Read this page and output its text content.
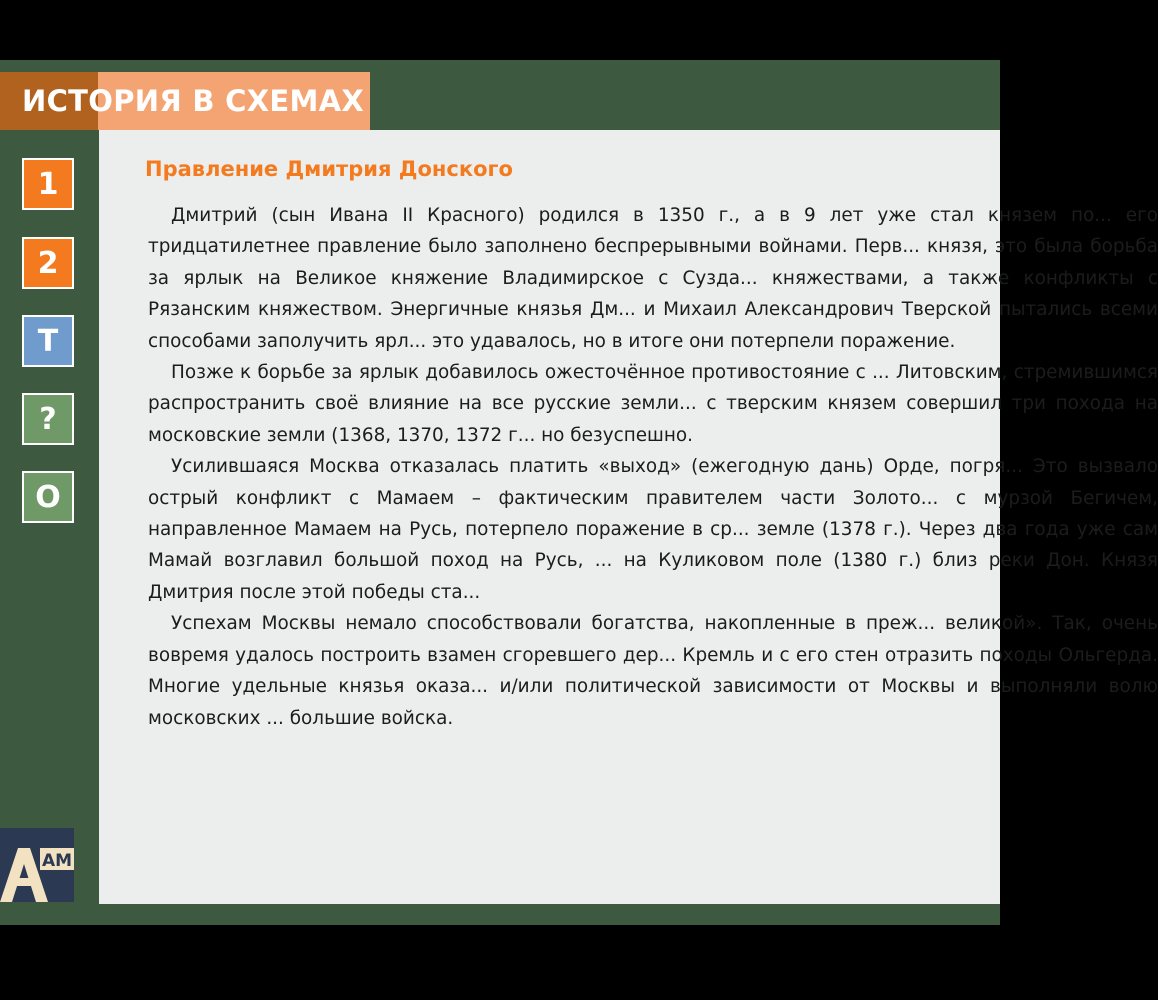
ИСТОРИЯ В СХЕМАХ
1
2
Т
?
О
АМ
Правление Дмитрия Донского

Дмитрий (сын Ивана II Красного) родился в 1350 г., а в 9 лет уже стал князем по... его тридцатилетнее правление было заполнено беспрерывными войнами. Перв... князя, это была борьба за ярлык на Великое княжение Владимирское с Сузда... княжествами, а также конфликты с Рязанским княжеством. Энергичные князья Дм... и Михаил Александрович Тверской пытались всеми способами заполучить ярл... это удавалось, но в итоге они потерпели поражение.

Позже к борьбе за ярлык добавилось ожесточённое противостояние с ... Литовским, стремившимся распространить своё влияние на все русские земли... с тверским князем совершил три похода на московские земли (1368, 1370, 1372 г... но безуспешно.

Усилившаяся Москва отказалась платить «выход» (ежегодную дань) Орде, погря... Это вызвало острый конфликт с Мамаем – фактическим правителем части Золото... с мурзой Бегичем, направленное Мамаем на Русь, потерпело поражение в ср... земле (1378 г.). Через два года уже сам Мамай возглавил большой поход на Русь, ... на Куликовом поле (1380 г.) близ реки Дон. Князя Дмитрия после этой победы ста...

Успехам Москвы немало способствовали богатства, накопленные в преж... великой». Так, очень вовремя удалось построить взамен сгоревшего дер... Кремль и с его стен отразить походы Ольгерда. Многие удельные князья оказа... и/или политической зависимости от Москвы и выполняли волю московских ... большие войска.
